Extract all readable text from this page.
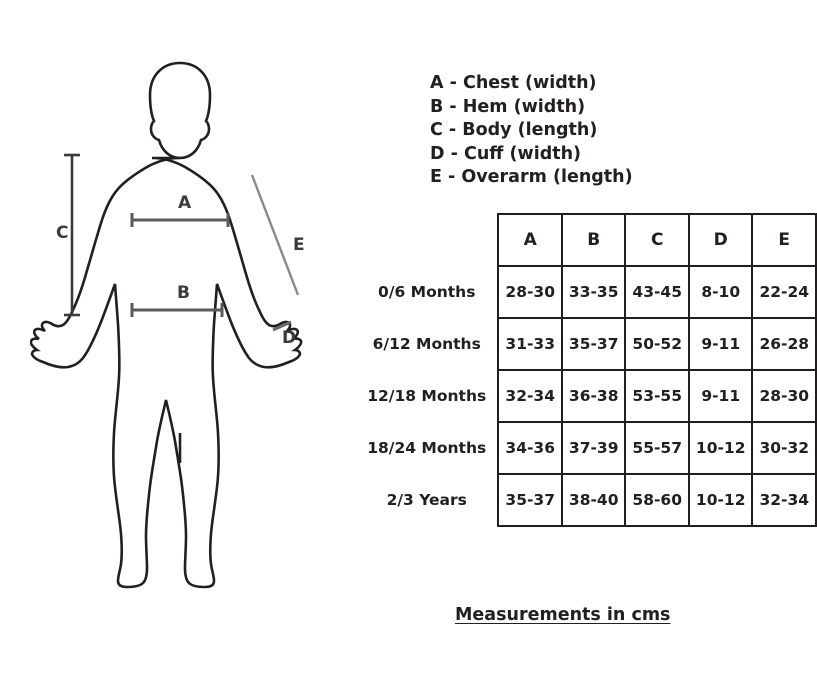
A
B
C
D
E
A - Chest (width)
B - Hem (width)
C - Body (length)
D - Cuff (width)
E - Overarm (length)
	A	B	C	D	E
0/6 Months	28-30	33-35	43-45	8-10	22-24
6/12 Months	31-33	35-37	50-52	9-11	26-28
12/18 Months	32-34	36-38	53-55	9-11	28-30
18/24 Months	34-36	37-39	55-57	10-12	30-32
2/3 Years	35-37	38-40	58-60	10-12	32-34
Measurements in cms
